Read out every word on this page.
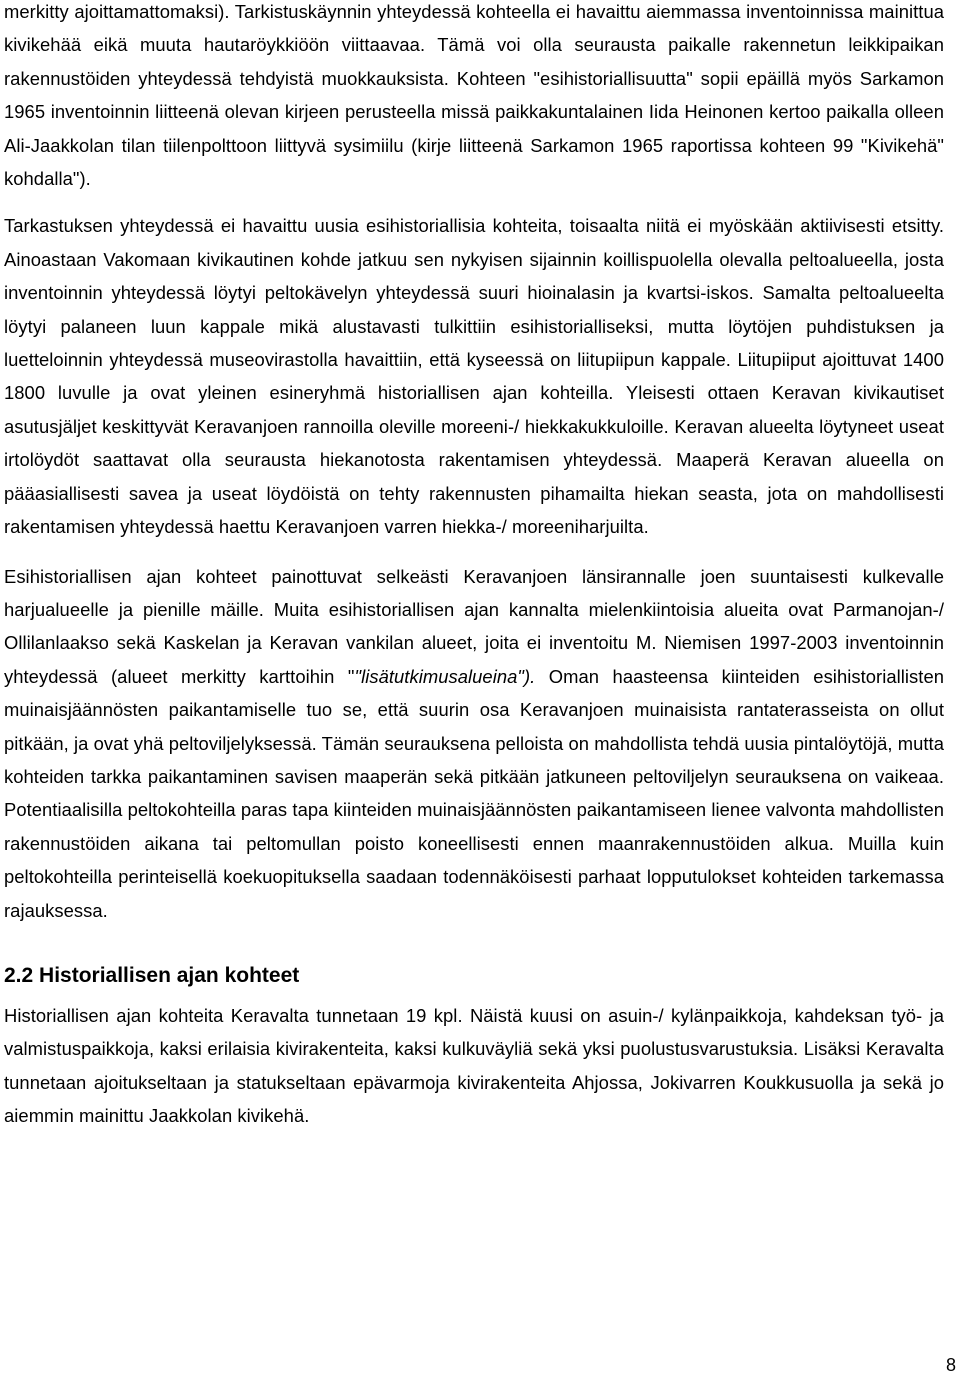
merkitty ajoittamattomaksi). Tarkistuskäynnin yhteydessä kohteella ei havaittu aiemmassa inventoinnissa mainittua kivikehää eikä muuta hautaröykkiöön viittaavaa. Tämä voi olla seurausta paikalle rakennetun leikkipaikan rakennustöiden yhteydessä tehdyistä muokkauksista. Kohteen "esihistoriallisuutta" sopii epäillä myös Sarkamon 1965 inventoinnin liitteenä olevan kirjeen perusteella missä paikkakuntalainen Iida Heinonen kertoo paikalla olleen Ali-Jaakkolan tilan tiilenpolttoon liittyvä sysimiilu (kirje liitteenä Sarkamon 1965 raportissa kohteen 99 "Kivikehä" kohdalla").

Tarkastuksen yhteydessä ei havaittu uusia esihistoriallisia kohteita, toisaalta niitä ei myöskään aktiivisesti etsitty. Ainoastaan Vakomaan kivikautinen kohde jatkuu sen nykyisen sijainnin koillispuolella olevalla peltoalueella, josta inventoinnin yhteydessä löytyi peltokävelyn yhteydessä suuri hioinalasin ja kvartsi-iskos. Samalta peltoalueelta löytyi palaneen luun kappale mikä alustavasti tulkittiin esihistorialliseksi, mutta löytöjen puhdistuksen ja luetteloinnin yhteydessä museovirastolla havaittiin, että kyseessä on liitupiipun kappale. Liitupiiput ajoittuvat 1400 1800 luvulle ja ovat yleinen esineryhmä historiallisen ajan kohteilla. Yleisesti ottaen Keravan kivikautiset asutusjäljet keskittyvät Keravanjoen rannoilla oleville moreeni-/ hiekkakukkuloille. Keravan alueelta löytyneet useat irtolöydöt saattavat olla seurausta hiekanotosta rakentamisen yhteydessä. Maaperä Keravan alueella on pääasiallisesti savea ja useat löydöistä on tehty rakennusten pihamailta hiekan seasta, jota on mahdollisesti rakentamisen yhteydessä haettu Keravanjoen varren hiekka-/ moreeniharjuilta.

Esihistoriallisen ajan kohteet painottuvat selkeästi Keravanjoen länsirannalle joen suuntaisesti kulkevalle harjualueelle ja pienille mäille. Muita esihistoriallisen ajan kannalta mielenkiintoisia alueita ovat Parmanojan-/ Ollilanlaakso sekä Kaskelan ja Keravan vankilan alueet, joita ei inventoitu M. Niemisen 1997-2003 inventoinnin yhteydessä (alueet merkitty karttoihin ""lisätutkimusalueina"). Oman haasteensa kiinteiden esihistoriallisten muinaisjäännösten paikantamiselle tuo se, että suurin osa Keravanjoen muinaisista rantaterasseista on ollut pitkään, ja ovat yhä peltoviljelyksessä. Tämän seurauksena pelloista on mahdollista tehdä uusia pintalöytöjä, mutta kohteiden tarkka paikantaminen savisen maaperän sekä pitkään jatkuneen peltoviljelyn seurauksena on vaikeaa. Potentiaalisilla peltokohteilla paras tapa kiinteiden muinaisjäännösten paikantamiseen lienee valvonta mahdollisten rakennustöiden aikana tai peltomullan poisto koneellisesti ennen maanrakennustöiden alkua. Muilla kuin peltokohteilla perinteisellä koekuopituksella saadaan todennäköisesti parhaat lopputulokset kohteiden tarkemassa rajauksessa.

2.2 Historiallisen ajan kohteet

Historiallisen ajan kohteita Keravalta tunnetaan 19 kpl. Näistä kuusi on asuin-/ kylänpaikkoja, kahdeksan työ- ja valmistuspaikkoja, kaksi erilaisia kivirakenteita, kaksi kulkuväyliä sekä yksi puolustusvarustuksia. Lisäksi Keravalta tunnetaan ajoitukseltaan ja statukseltaan epävarmoja kivirakenteita Ahjossa, Jokivarren Koukkusuolla ja sekä jo aiemmin mainittu Jaakkolan kivikehä.

8
